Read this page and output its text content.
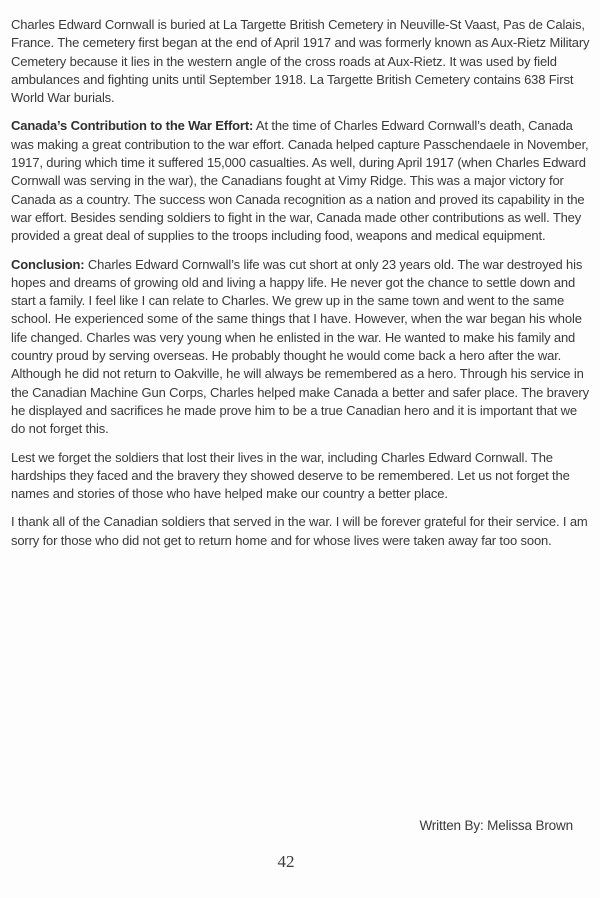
Charles Edward Cornwall is buried at La Targette British Cemetery in Neuville-St Vaast, Pas de Calais, France. The cemetery first began at the end of April 1917 and was formerly known as Aux-Rietz Military Cemetery because it lies in the western angle of the cross roads at Aux-Rietz. It was used by field ambulances and fighting units until September 1918. La Targette British Cemetery contains 638 First World War burials.

Canada’s Contribution to the War Effort: At the time of Charles Edward Cornwall’s death, Canada was making a great contribution to the war effort. Canada helped capture Passchendaele in November, 1917, during which time it suffered 15,000 casualties. As well, during April 1917 (when Charles Edward Cornwall was serving in the war), the Canadians fought at Vimy Ridge. This was a major victory for Canada as a country. The success won Canada recognition as a nation and proved its capability in the war effort. Besides sending soldiers to fight in the war, Canada made other contributions as well. They provided a great deal of supplies to the troops including food, weapons and medical equipment.

Conclusion: Charles Edward Cornwall’s life was cut short at only 23 years old. The war destroyed his hopes and dreams of growing old and living a happy life. He never got the chance to settle down and start a family. I feel like I can relate to Charles. We grew up in the same town and went to the same school. He experienced some of the same things that I have. However, when the war began his whole life changed. Charles was very young when he enlisted in the war. He wanted to make his family and country proud by serving overseas. He probably thought he would come back a hero after the war. Although he did not return to Oakville, he will always be remembered as a hero. Through his service in the Canadian Machine Gun Corps, Charles helped make Canada a better and safer place. The bravery he displayed and sacrifices he made prove him to be a true Canadian hero and it is important that we do not forget this.

Lest we forget the soldiers that lost their lives in the war, including Charles Edward Cornwall. The hardships they faced and the bravery they showed deserve to be remembered. Let us not forget the names and stories of those who have helped make our country a better place.

I thank all of the Canadian soldiers that served in the war. I will be forever grateful for their service. I am sorry for those who did not get to return home and for whose lives were taken away far too soon.

Written By: Melissa Brown
42
